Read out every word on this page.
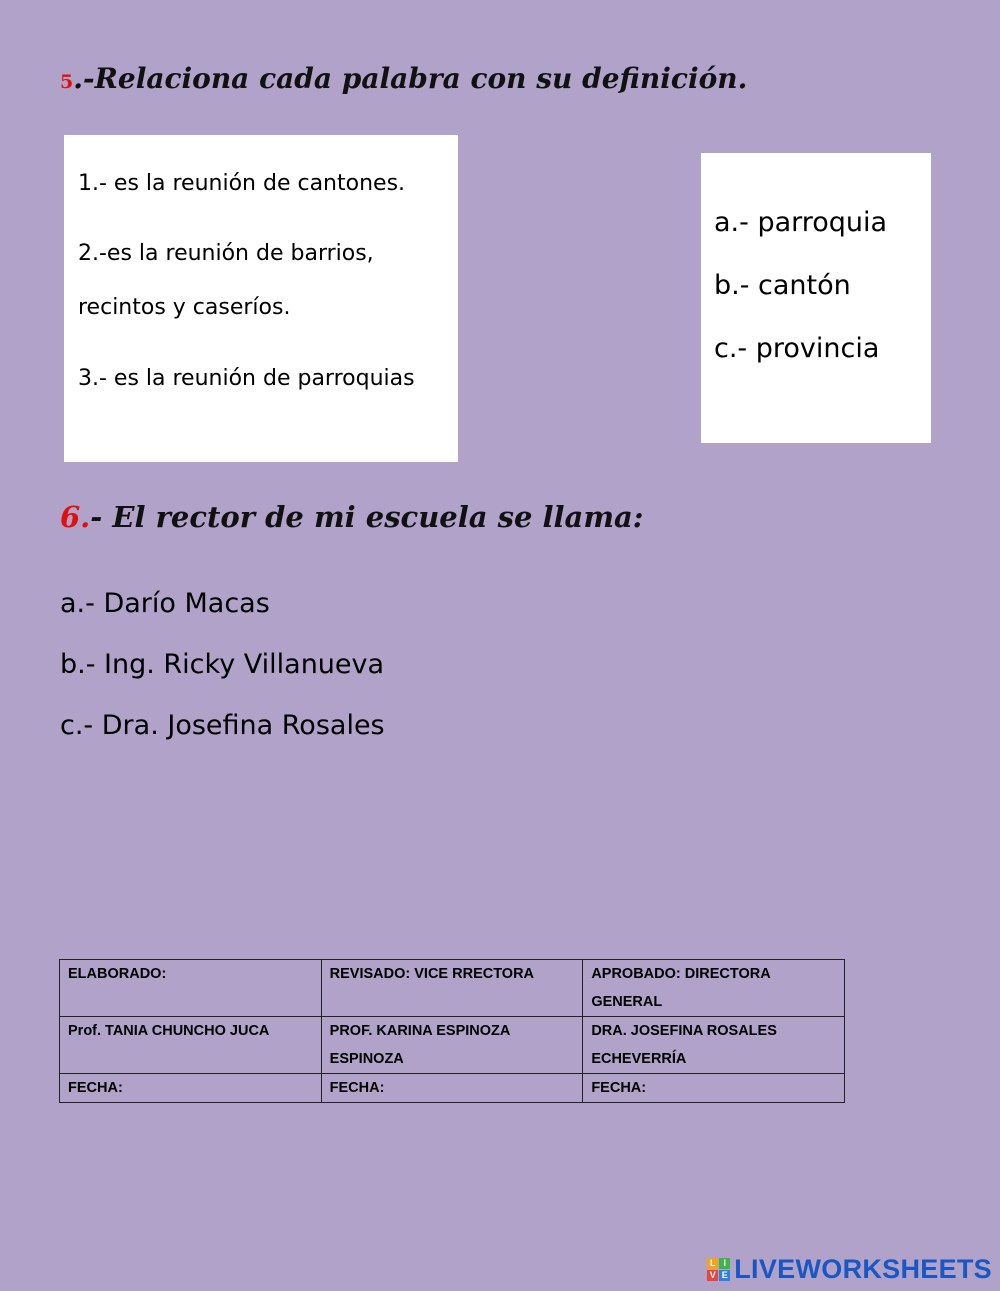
5.-Relaciona cada palabra con su definición.
1.- es la reunión de cantones.
2.-es la reunión de barrios,
recintos y caseríos.
3.- es la reunión de parroquias
a.- parroquia
b.- cantón
c.- provincia
6.- El rector de mi escuela se llama:
a.- Darío Macas
b.- Ing. Ricky Villanueva
c.- Dra. Josefina Rosales
ELABORADO:	REVISADO: VICE RRECTORA	APROBADO: DIRECTORA GENERAL
Prof. TANIA CHUNCHO JUCA	PROF. KARINA ESPINOZA ESPINOZA	DRA. JOSEFINA ROSALES ECHEVERRÍA
FECHA:	FECHA:	FECHA:
L I
V E LIVEWORKSHEETS
